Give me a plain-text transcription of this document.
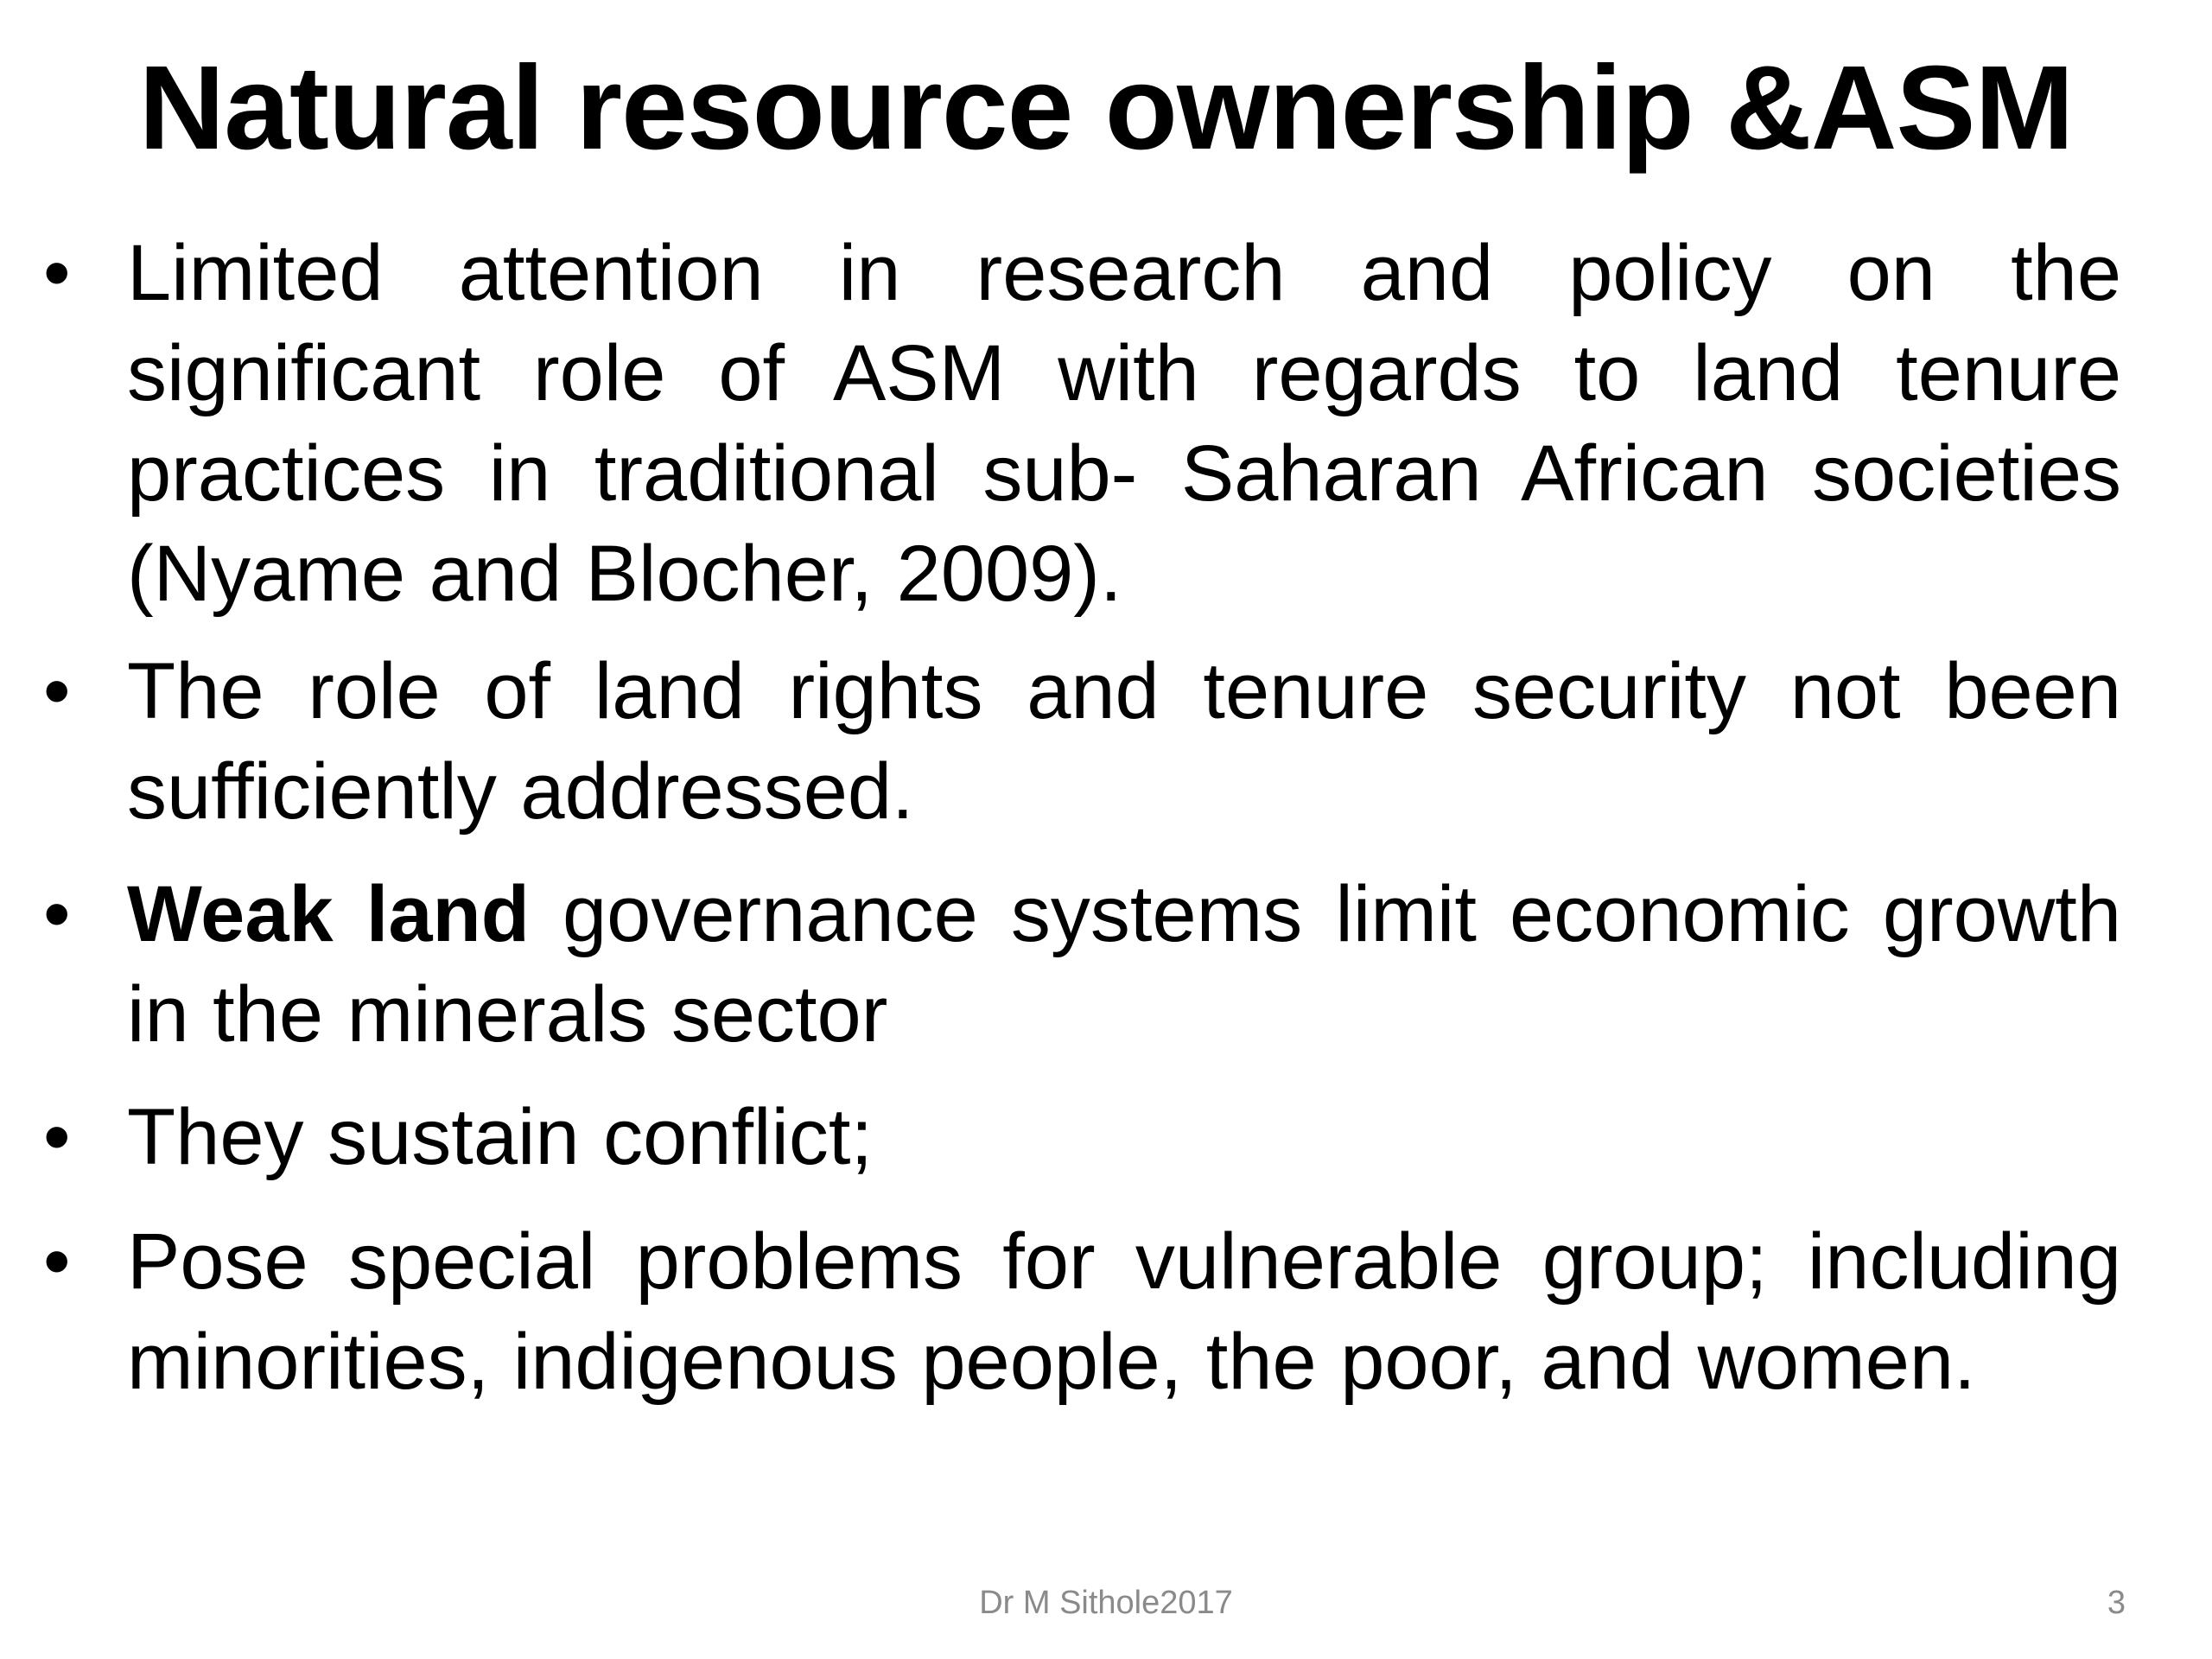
Natural resource ownership &ASM
• Limited attention in research and policy on the significant role of ASM with regards to land tenure practices in traditional sub- Saharan African societies (Nyame and Blocher, 2009).
• The role of land rights and tenure security not been sufficiently addressed.
• Weak land governance systems limit economic growth in the minerals sector
• They sustain conflict;
• Pose special problems for vulnerable group; including minorities, indigenous people, the poor, and women.
Dr M Sithole2017	3
